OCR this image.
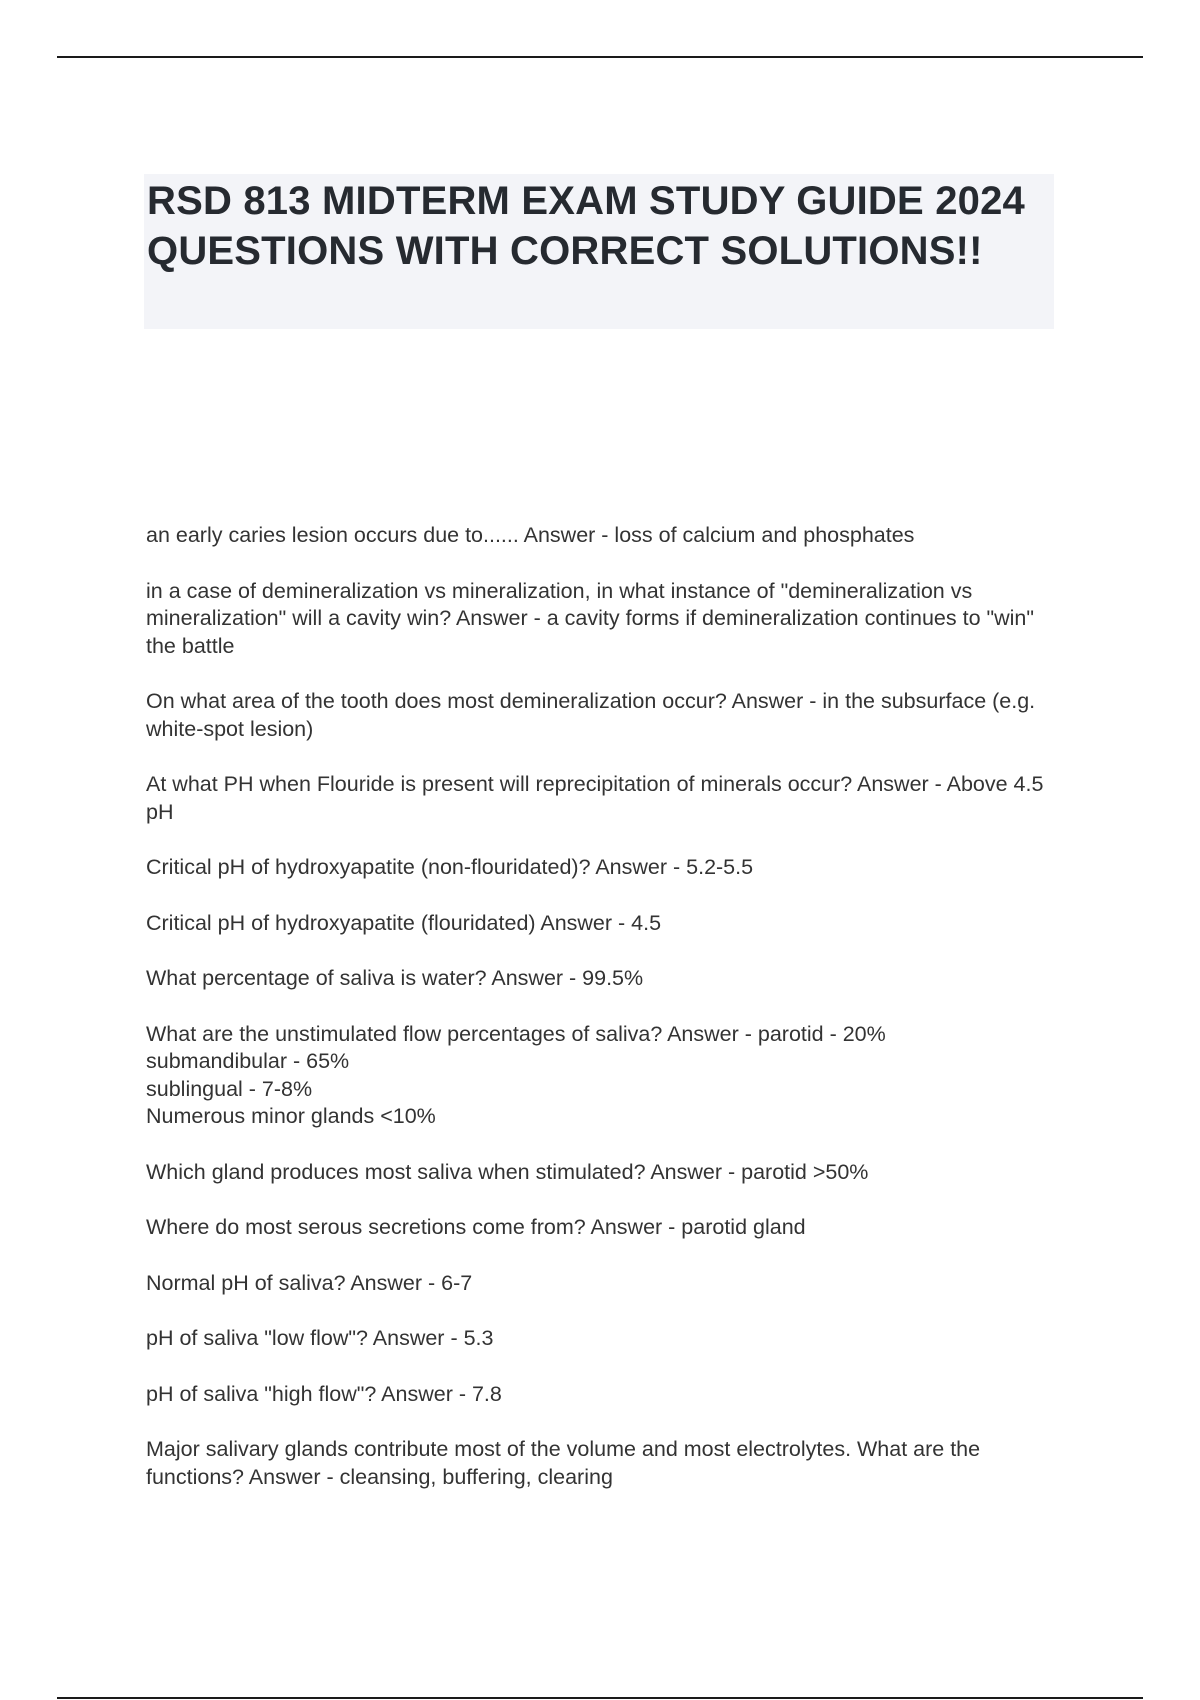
RSD 813 MIDTERM EXAM STUDY GUIDE 2024 QUESTIONS WITH CORRECT SOLUTIONS!!
an early caries lesion occurs due to...... Answer - loss of calcium and phosphates
in a case of demineralization vs mineralization, in what instance of "demineralization vs mineralization" will a cavity win? Answer - a cavity forms if demineralization continues to "win" the battle
On what area of the tooth does most demineralization occur? Answer - in the subsurface (e.g. white-spot lesion)
At what PH when Flouride is present will reprecipitation of minerals occur? Answer - Above 4.5 pH
Critical pH of hydroxyapatite (non-flouridated)? Answer - 5.2-5.5
Critical pH of hydroxyapatite (flouridated) Answer - 4.5
What percentage of saliva is water? Answer - 99.5%
What are the unstimulated flow percentages of saliva? Answer - parotid - 20%
submandibular - 65%
sublingual - 7-8%
Numerous minor glands <10%
Which gland produces most saliva when stimulated? Answer - parotid >50%
Where do most serous secretions come from? Answer - parotid gland
Normal pH of saliva? Answer - 6-7
pH of saliva "low flow"? Answer - 5.3
pH of saliva "high flow"? Answer - 7.8
Major salivary glands contribute most of the volume and most electrolytes. What are the functions? Answer - cleansing, buffering, clearing
